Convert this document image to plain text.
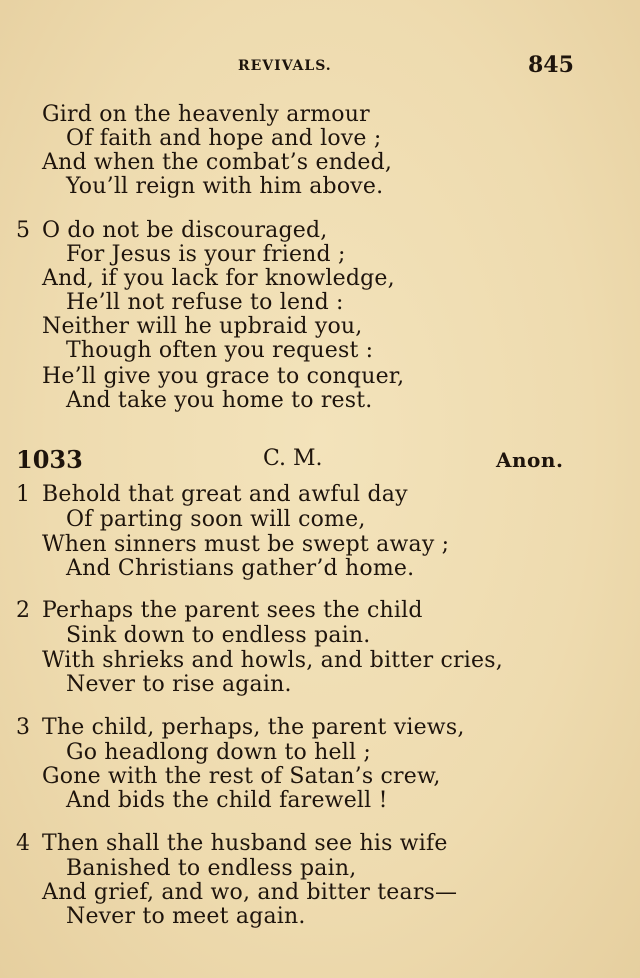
REVIVALS.	845
Gird on the heavenly armour
Of faith and hope and love ;
And when the combat’s ended,
You’ll reign with him above.
5 O do not be discouraged,
For Jesus is your friend ;
And, if you lack for knowledge,
He’ll not refuse to lend :
Neither will he upbraid you,
Though often you request :
He’ll give you grace to conquer,
And take you home to rest.
1033	C. M.	Anon.
1 Behold that great and awful day
Of parting soon will come,
When sinners must be swept away ;
And Christians gather’d home.
2 Perhaps the parent sees the child
Sink down to endless pain.
With shrieks and howls, and bitter cries,
Never to rise again.
3 The child, perhaps, the parent views,
Go headlong down to hell ;
Gone with the rest of Satan’s crew,
And bids the child farewell !
4 Then shall the husband see his wife
Banished to endless pain,
And grief, and wo, and bitter tears—
Never to meet again.
